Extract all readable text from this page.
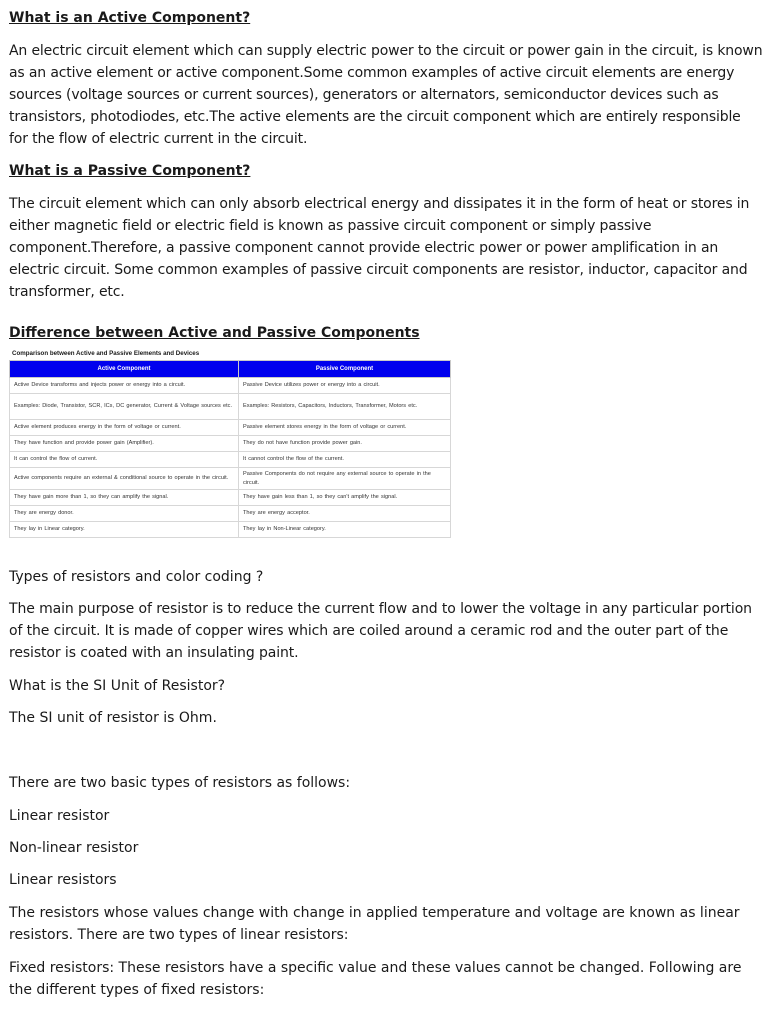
What is an Active Component?

An electric circuit element which can supply electric power to the circuit or power gain in the circuit, is known as an active element or active component.Some common examples of active circuit elements are energy sources (voltage sources or current sources), generators or alternators, semiconductor devices such as transistors, photodiodes, etc.The active elements are the circuit component which are entirely responsible for the flow of electric current in the circuit.

What is a Passive Component?

The circuit element which can only absorb electrical energy and dissipates it in the form of heat or stores in either magnetic field or electric field is known as passive circuit component or simply passive component.Therefore, a passive component cannot provide electric power or power amplification in an electric circuit. Some common examples of passive circuit components are resistor, inductor, capacitor and transformer, etc.

Difference between Active and Passive Components
Comparison between Active and Passive Elements and Devices
Active Component	Passive Component
Active Device transforms and injects power or energy into a circuit.	Passive Device utilizes power or energy into a circuit.
Examples: Diode, Transistor, SCR, ICs, DC generator, Current & Voltage sources etc.	Examples: Resistors, Capacitors, Inductors, Transformer, Motors etc.
Active element produces energy in the form of voltage or current.	Passive element stores energy in the form of voltage or current.
They have function and provide power gain (Amplifier).	They do not have function provide power gain.
It can control the flow of current.	It cannot control the flow of the current.
Active components require an external & conditional source to operate in the circuit.	Passive Components do not require any external source to operate in the circuit.
They have gain more than 1, so they can amplify the signal.	They have gain less than 1, so they can't amplify the signal.
They are energy donor.	They are energy acceptor.
They lay in Linear category.	They lay in Non-Linear category.

Types of resistors and color coding ?

The main purpose of resistor is to reduce the current flow and to lower the voltage in any particular portion of the circuit. It is made of copper wires which are coiled around a ceramic rod and the outer part of the resistor is coated with an insulating paint.

What is the SI Unit of Resistor?

The SI unit of resistor is Ohm.

There are two basic types of resistors as follows:

Linear resistor

Non-linear resistor

Linear resistors

The resistors whose values change with change in applied temperature and voltage are known as linear resistors. There are two types of linear resistors:

Fixed resistors: These resistors have a specific value and these values cannot be changed. Following are the different types of fixed resistors:
